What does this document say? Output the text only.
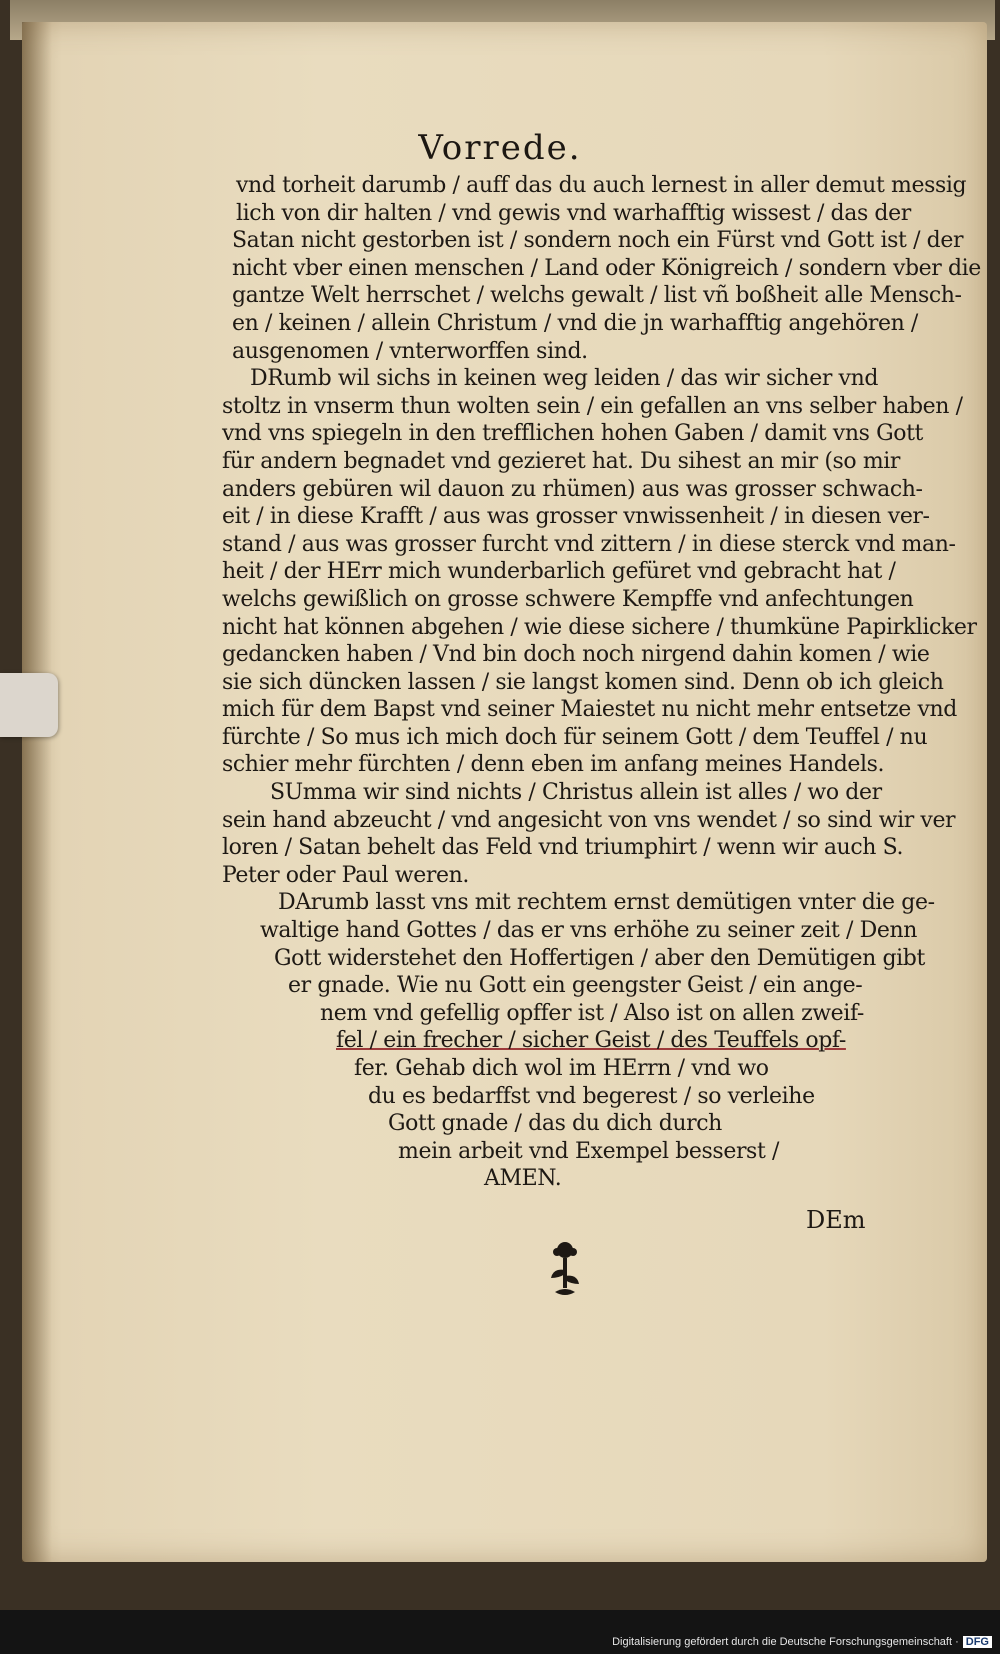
Vorrede.
vnd torheit darumb / auff das du auch lernest in aller demut messig
lich von dir halten / vnd gewis vnd warhafftig wissest / das der
Satan nicht gestorben ist / sondern noch ein Fürst vnd Gott ist / der
nicht vber einen menschen / Land oder Königreich / sondern vber die
gantze Welt herrschet / welchs gewalt / list vñ boßheit alle Mensch-
en / keinen / allein Christum / vnd die jn warhafftig angehören /
ausgenomen / vnterworffen sind.
DRumb wil sichs in keinen weg leiden / das wir sicher vnd
stoltz in vnserm thun wolten sein / ein gefallen an vns selber haben /
vnd vns spiegeln in den trefflichen hohen Gaben / damit vns Gott
für andern begnadet vnd gezieret hat. Du sihest an mir (so mir
anders gebüren wil dauon zu rhümen) aus was grosser schwach-
eit / in diese Krafft / aus was grosser vnwissenheit / in diesen ver-
stand / aus was grosser furcht vnd zittern / in diese sterck vnd man-
heit / der HErr mich wunderbarlich gefüret vnd gebracht hat /
welchs gewißlich on grosse schwere Kempffe vnd anfechtungen
nicht hat können abgehen / wie diese sichere / thumküne Papirklicker
gedancken haben / Vnd bin doch noch nirgend dahin komen / wie
sie sich düncken lassen / sie langst komen sind. Denn ob ich gleich
mich für dem Bapst vnd seiner Maiestet nu nicht mehr entsetze vnd
fürchte / So mus ich mich doch für seinem Gott / dem Teuffel / nu
schier mehr fürchten / denn eben im anfang meines Handels.
SUmma wir sind nichts / Christus allein ist alles / wo der
sein hand abzeucht / vnd angesicht von vns wendet / so sind wir ver
loren / Satan behelt das Feld vnd triumphirt / wenn wir auch S.
Peter oder Paul weren.
DArumb lasst vns mit rechtem ernst demütigen vnter die ge-
waltige hand Gottes / das er vns erhöhe zu seiner zeit / Denn
Gott widerstehet den Hoffertigen / aber den Demütigen gibt
er gnade. Wie nu Gott ein geengster Geist / ein ange-
nem vnd gefellig opffer ist / Also ist on allen zweif-
fel / ein frecher / sicher Geist / des Teuffels opf-
fer. Gehab dich wol im HErrn / vnd wo
du es bedarffst vnd begerest / so verleihe
Gott gnade / das du dich durch
mein arbeit vnd Exempel besserst /
AMEN.
DEm
Digitalisierung gefördert durch die Deutsche Forschungsgemeinschaft · DFG
